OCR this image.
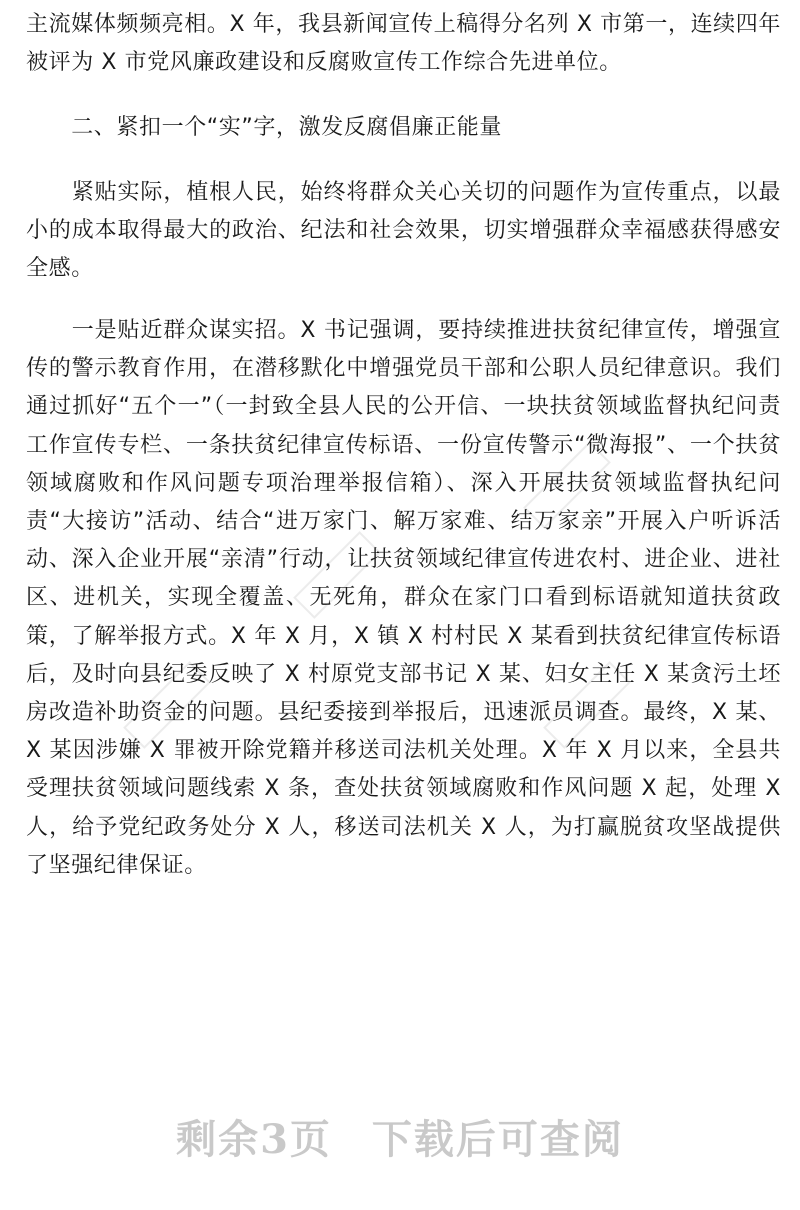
主流媒体频频亮相。X 年，我县新闻宣传上稿得分名列 X 市第一，连续四年被评为 X 市党风廉政建设和反腐败宣传工作综合先进单位。

　　二、紧扣一个“实”字，激发反腐倡廉正能量

　　紧贴实际，植根人民，始终将群众关心关切的问题作为宣传重点，以最小的成本取得最大的政治、纪法和社会效果，切实增强群众幸福感获得感安全感。

　　一是贴近群众谋实招。X 书记强调，要持续推进扶贫纪律宣传，增强宣传的警示教育作用，在潜移默化中增强党员干部和公职人员纪律意识。我们通过抓好“五个一”（一封致全县人民的公开信、一块扶贫领域监督执纪问责工作宣传专栏、一条扶贫纪律宣传标语、一份宣传警示“微海报”、一个扶贫领域腐败和作风问题专项治理举报信箱）、深入开展扶贫领域监督执纪问责“大接访”活动、结合“进万家门、解万家难、结万家亲”开展入户听诉活动、深入企业开展“亲清”行动，让扶贫领域纪律宣传进农村、进企业、进社区、进机关，实现全覆盖、无死角，群众在家门口看到标语就知道扶贫政策，了解举报方式。X 年 X 月，X 镇 X 村村民 X 某看到扶贫纪律宣传标语后，及时向县纪委反映了 X 村原党支部书记 X 某、妇女主任 X 某贪污土坯房改造补助资金的问题。县纪委接到举报后，迅速派员调查。最终，X 某、X 某因涉嫌 X 罪被开除党籍并移送司法机关处理。X 年 X 月以来，全县共受理扶贫领域问题线索 X 条，查处扶贫领域腐败和作风问题 X 起，处理 X 人，给予党纪政务处分 X 人，移送司法机关 X 人，为打赢脱贫攻坚战提供了坚强纪律保证。

剩余3页 下载后可查阅
